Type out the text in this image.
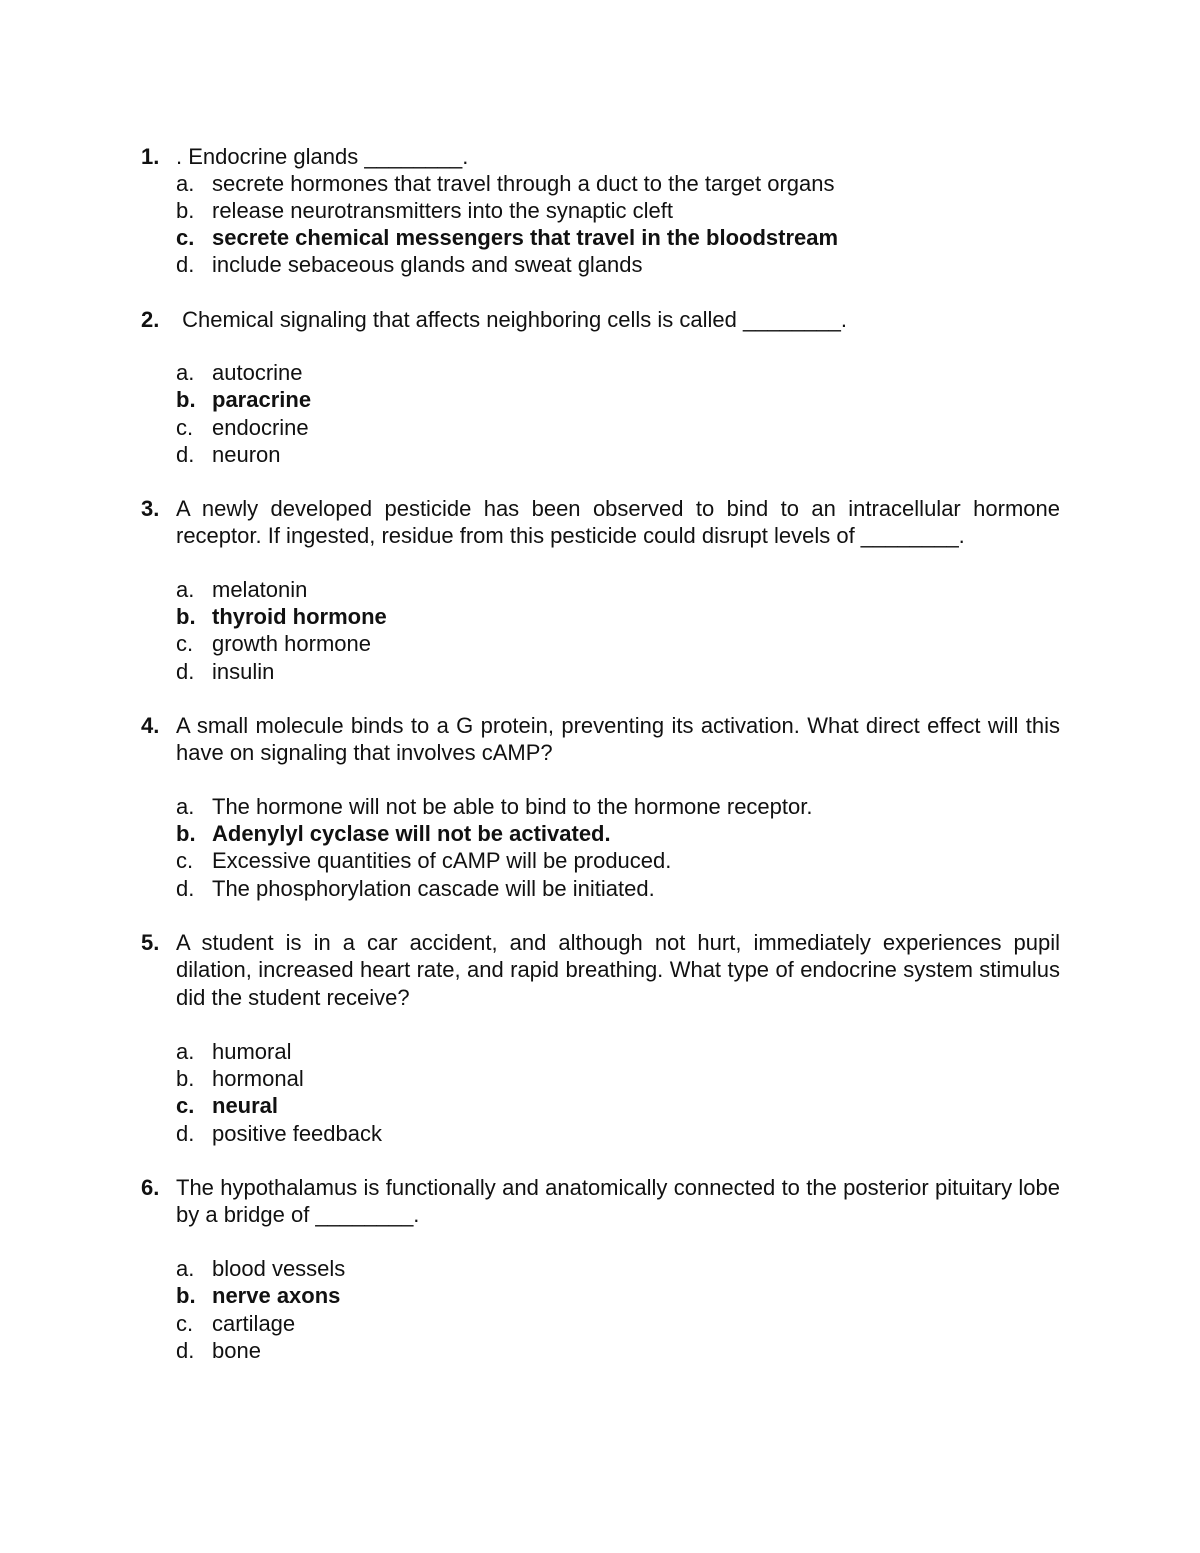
1. . Endocrine glands ________.
a. secrete hormones that travel through a duct to the target organs
b. release neurotransmitters into the synaptic cleft
c. secrete chemical messengers that travel in the bloodstream
d. include sebaceous glands and sweat glands
2. Chemical signaling that affects neighboring cells is called ________.
a. autocrine
b. paracrine
c. endocrine
d. neuron
3. A newly developed pesticide has been observed to bind to an intracellular hormone receptor. If ingested, residue from this pesticide could disrupt levels of ________.
a. melatonin
b. thyroid hormone
c. growth hormone
d. insulin
4. A small molecule binds to a G protein, preventing its activation. What direct effect will this have on signaling that involves cAMP?
a. The hormone will not be able to bind to the hormone receptor.
b. Adenylyl cyclase will not be activated.
c. Excessive quantities of cAMP will be produced.
d. The phosphorylation cascade will be initiated.
5. A student is in a car accident, and although not hurt, immediately experiences pupil dilation, increased heart rate, and rapid breathing. What type of endocrine system stimulus did the student receive?
a. humoral
b. hormonal
c. neural
d. positive feedback
6. The hypothalamus is functionally and anatomically connected to the posterior pituitary lobe by a bridge of ________.
a. blood vessels
b. nerve axons
c. cartilage
d. bone
